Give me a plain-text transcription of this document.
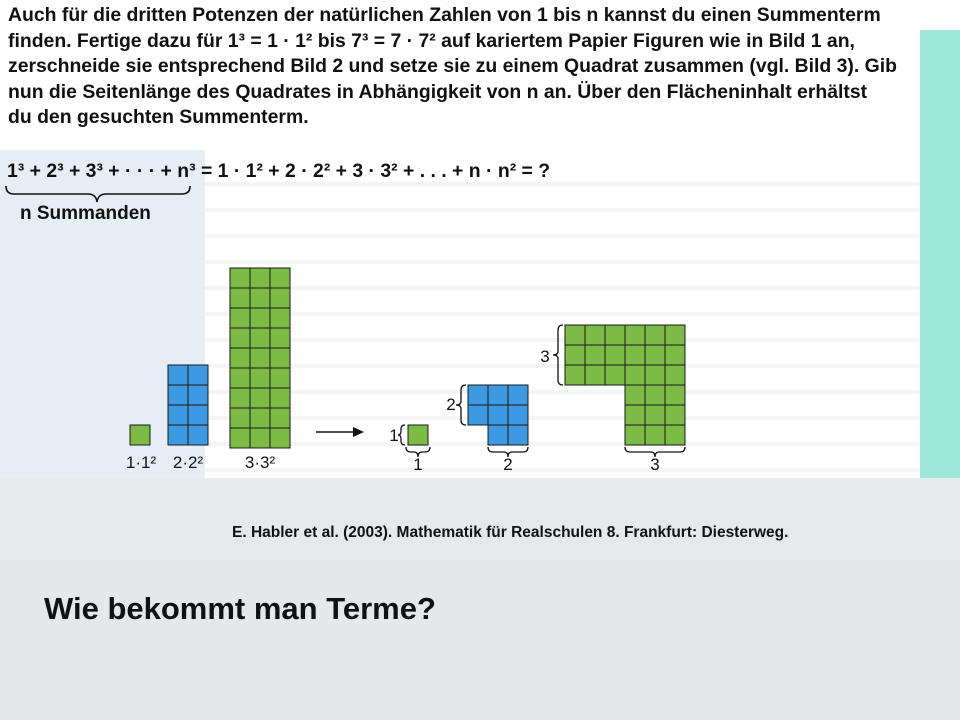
Auch für die dritten Potenzen der natürlichen Zahlen von 1 bis n kannst du einen Summenterm
finden. Fertige dazu für 1³ = 1 · 1² bis 7³ = 7 · 7² auf kariertem Papier Figuren wie in Bild 1 an,
zerschneide sie entsprechend Bild 2 und setze sie zu einem Quadrat zusammen (vgl. Bild 3). Gib
nun die Seitenlänge des Quadrates in Abhängigkeit von n an. Über den Flächeninhalt erhältst
du den gesuchten Summenterm.
1³ + 2³ + 3³ + · · · + n³ = 1 · 1² + 2 · 2² + 3 · 3² + . . . + n · n² = ?
n Summanden
1·1² 2·2² 3·3²
1
1
2
2
3
3
E. Habler et al. (2003). Mathematik für Realschulen 8. Frankfurt: Diesterweg.
Wie bekommt man Terme?
